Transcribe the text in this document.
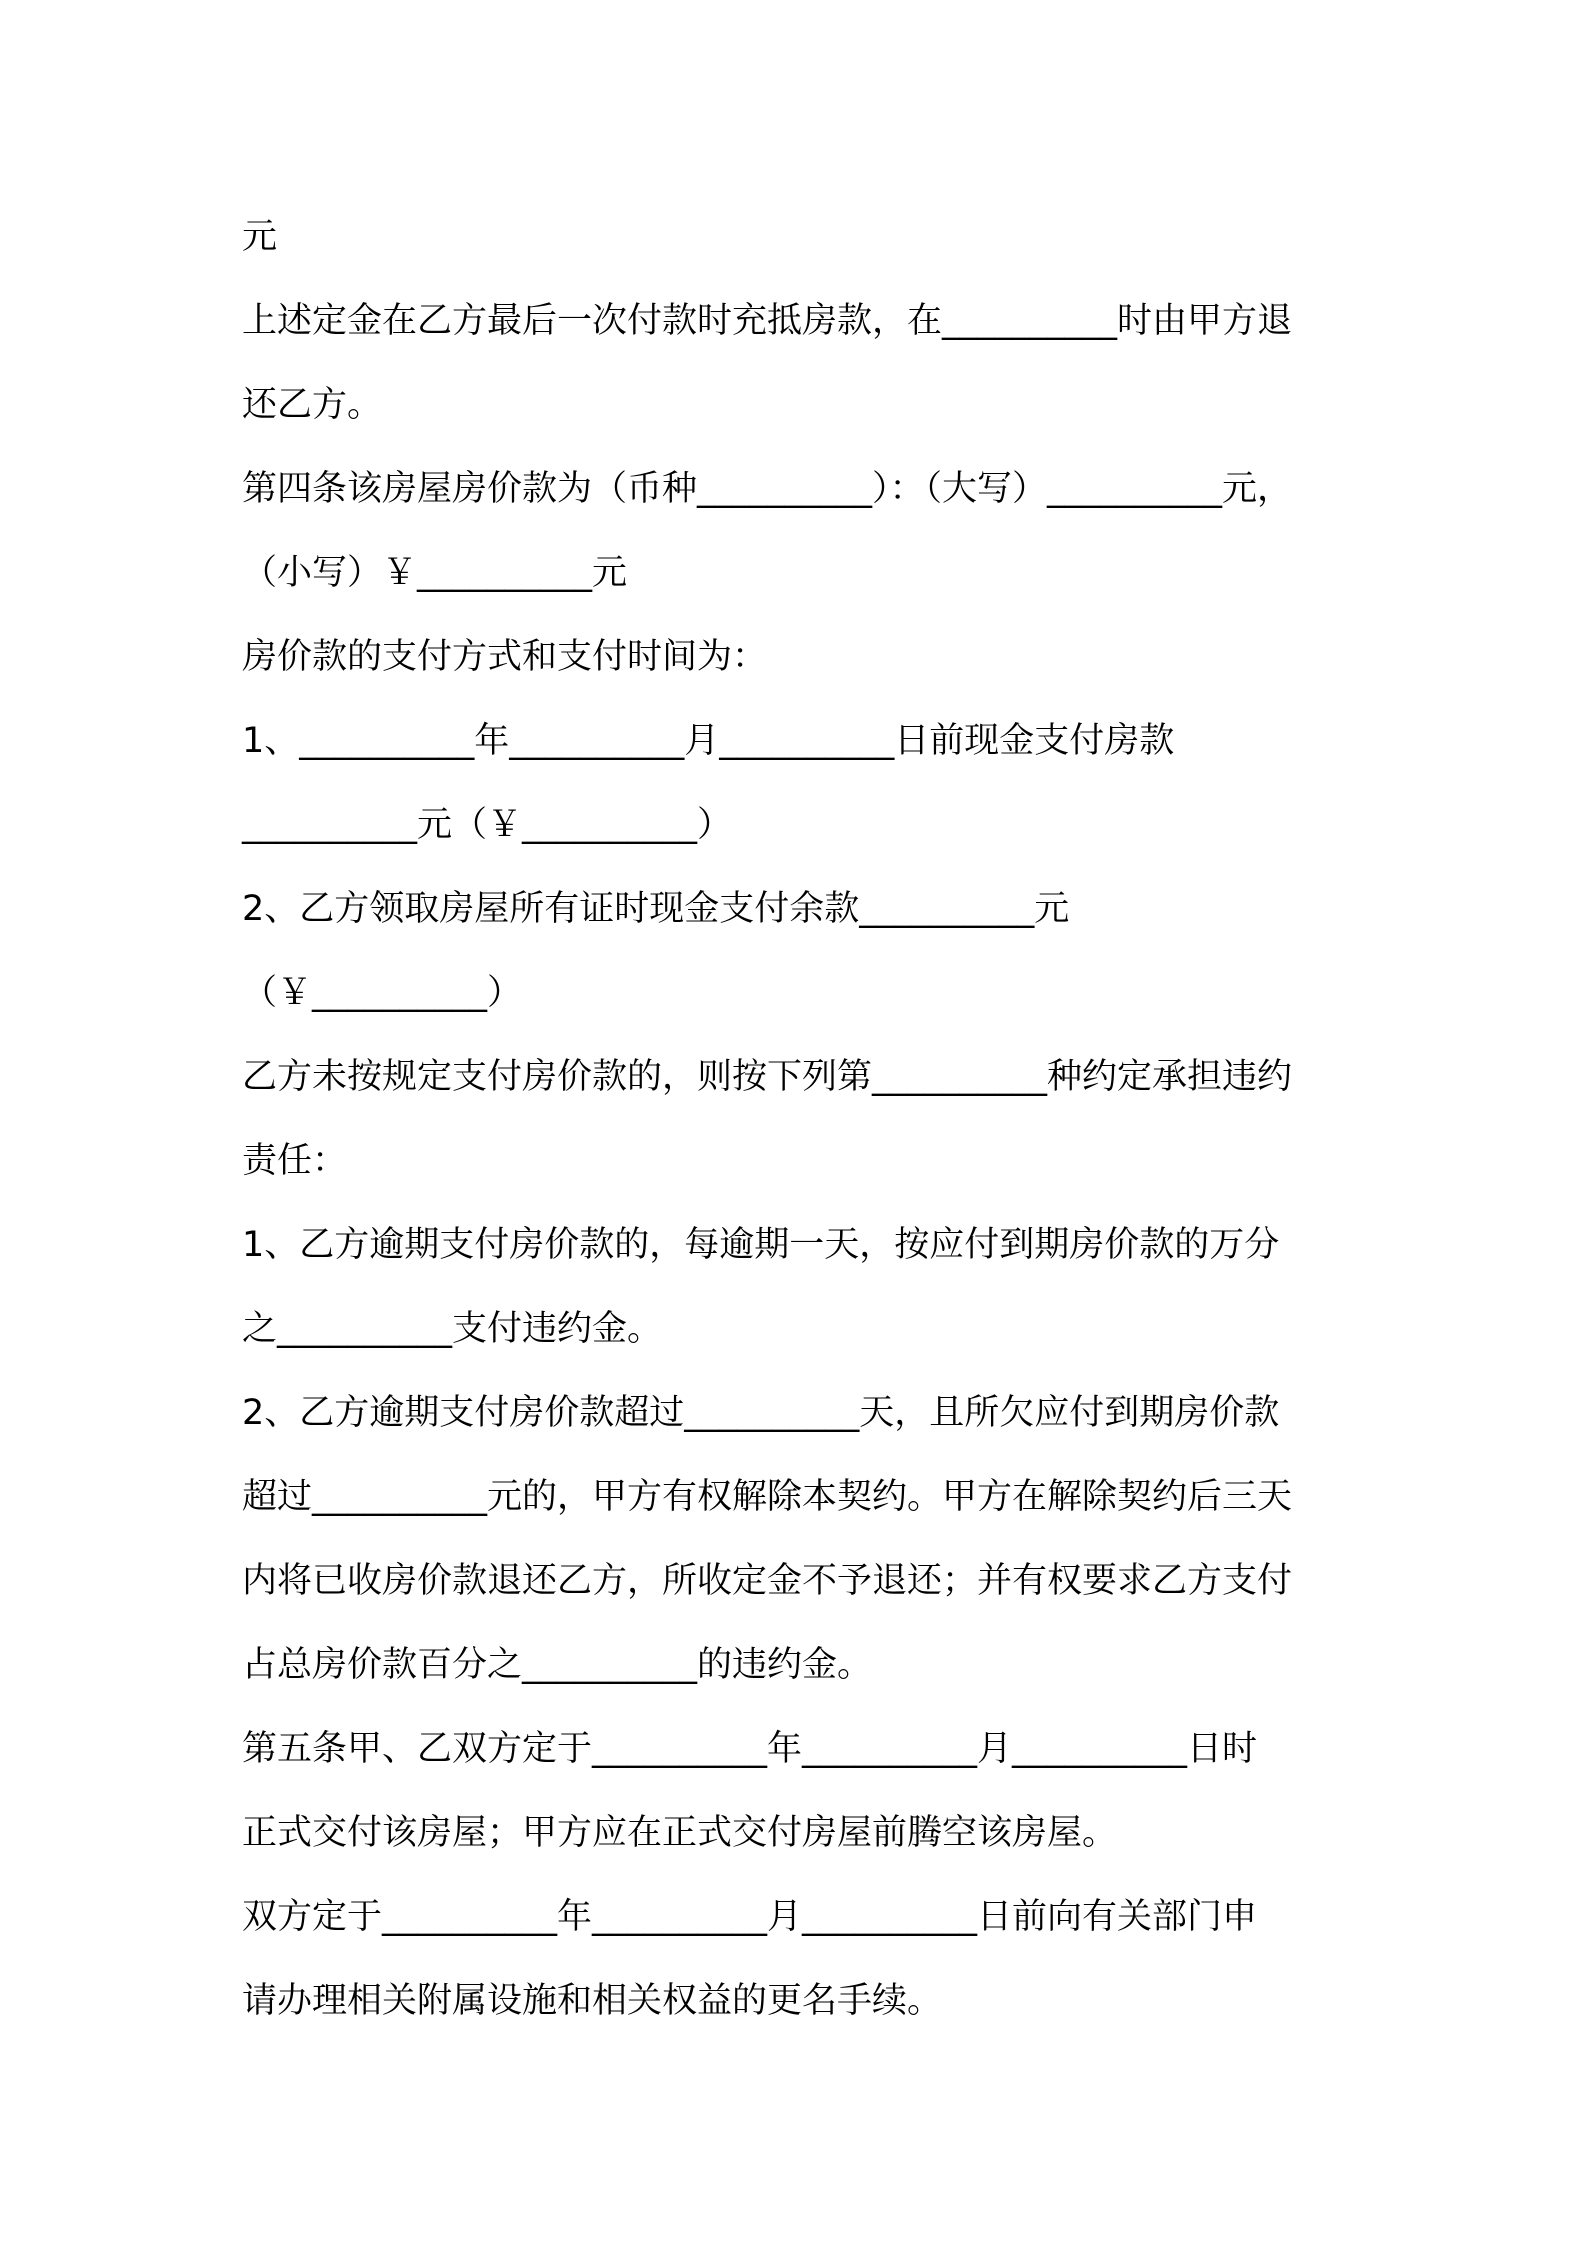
元

上述定金在乙方最后一次付款时充抵房款，在__________时由甲方退

还乙方。

第四条该房屋房价款为（币种__________）：（大写）__________元，

（小写）￥__________元

房价款的支付方式和支付时间为：

1、__________年__________月__________日前现金支付房款

__________元（￥__________）

2、乙方领取房屋所有证时现金支付余款__________元

（￥__________）

乙方未按规定支付房价款的，则按下列第__________种约定承担违约

责任：

1、乙方逾期支付房价款的，每逾期一天，按应付到期房价款的万分

之__________支付违约金。

2、乙方逾期支付房价款超过__________天，且所欠应付到期房价款

超过__________元的，甲方有权解除本契约。甲方在解除契约后三天

内将已收房价款退还乙方，所收定金不予退还；并有权要求乙方支付

占总房价款百分之__________的违约金。

第五条甲、乙双方定于__________年__________月__________日时

正式交付该房屋；甲方应在正式交付房屋前腾空该房屋。

双方定于__________年__________月__________日前向有关部门申

请办理相关附属设施和相关权益的更名手续。
